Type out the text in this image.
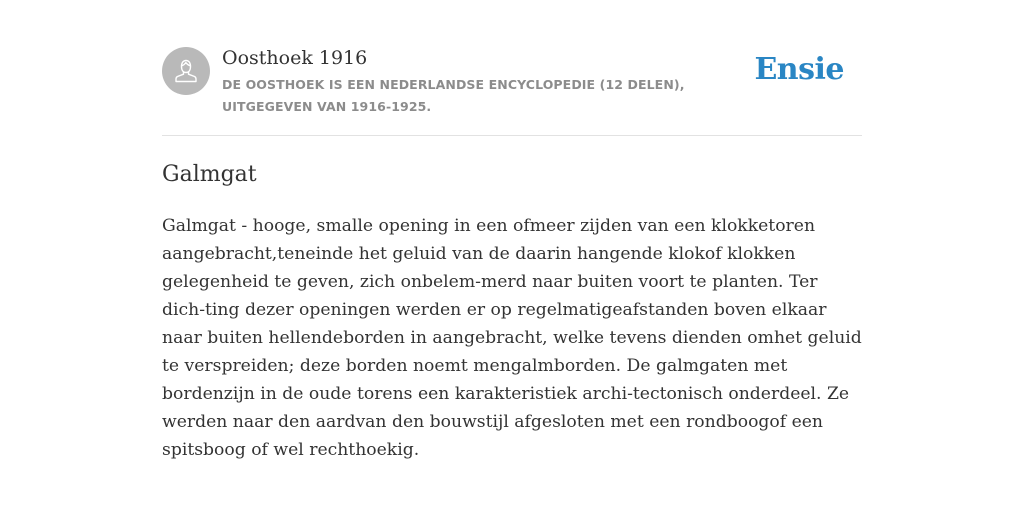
Oosthoek 1916
DE OOSTHOEK IS EEN NEDERLANDSE ENCYCLOPEDIE (12 DELEN), UITGEGEVEN VAN 1916-1925.
Ensie
Galmgat

Galmgat - hooge, smalle opening in een ofmeer zijden van een klokketoren aangebracht,teneinde het geluid van de daarin hangende klokof klokken gelegenheid te geven, zich onbelem-merd naar buiten voort te planten. Ter dich-ting dezer openingen werden er op regelmatigeafstanden boven elkaar naar buiten hellendeborden in aangebracht, welke tevens dienden omhet geluid te verspreiden; deze borden noemt mengalmborden. De galmgaten met bordenzijn in de oude torens een karakteristiek archi-tectonisch onderdeel. Ze werden naar den aardvan den bouwstijl afgesloten met een rondboogof een spitsboog of wel rechthoekig.
